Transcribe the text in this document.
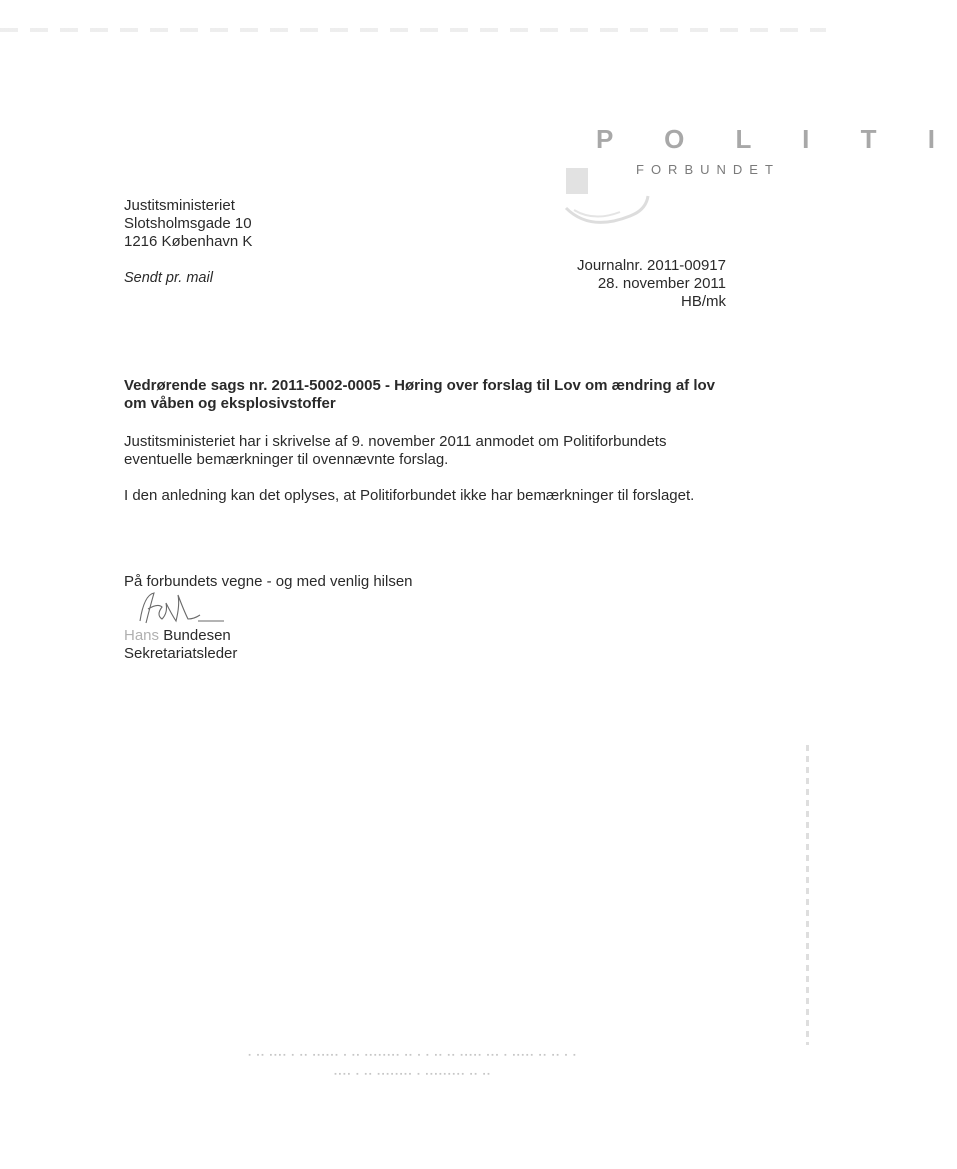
P O L I T I
FORBUNDET
Justitsministeriet
Slotsholmsgade 10
1216 København K
Sendt pr. mail
Journalnr. 2011-00917
28. november 2011
HB/mk
Vedrørende sags nr. 2011-5002-0005 - Høring over forslag til Lov om ændring af lov om våben og eksplosivstoffer
Justitsministeriet har i skrivelse af 9. november 2011 anmodet om Politiforbundets eventuelle bemærkninger til ovennævnte forslag.
I den anledning kan det oplyses, at Politiforbundet ikke har bemærkninger til forslaget.
På forbundets vegne - og med venlig hilsen
Hans Bundesen
Sekretariatsleder
▪ ▪▪ ▪▪▪▪ ▪ ▪▪ ▪▪▪▪▪▪ ▪ ▪▪ ▪▪▪▪▪▪▪▪ ▪▪ ▪ ▪ ▪▪ ▪▪ ▪▪▪▪▪ ▪▪▪ ▪ ▪▪▪▪▪ ▪▪ ▪▪ ▪ ▪
▪▪▪▪ ▪ ▪▪ ▪▪▪▪▪▪▪▪ ▪ ▪▪▪▪▪▪▪▪▪ ▪▪ ▪▪
